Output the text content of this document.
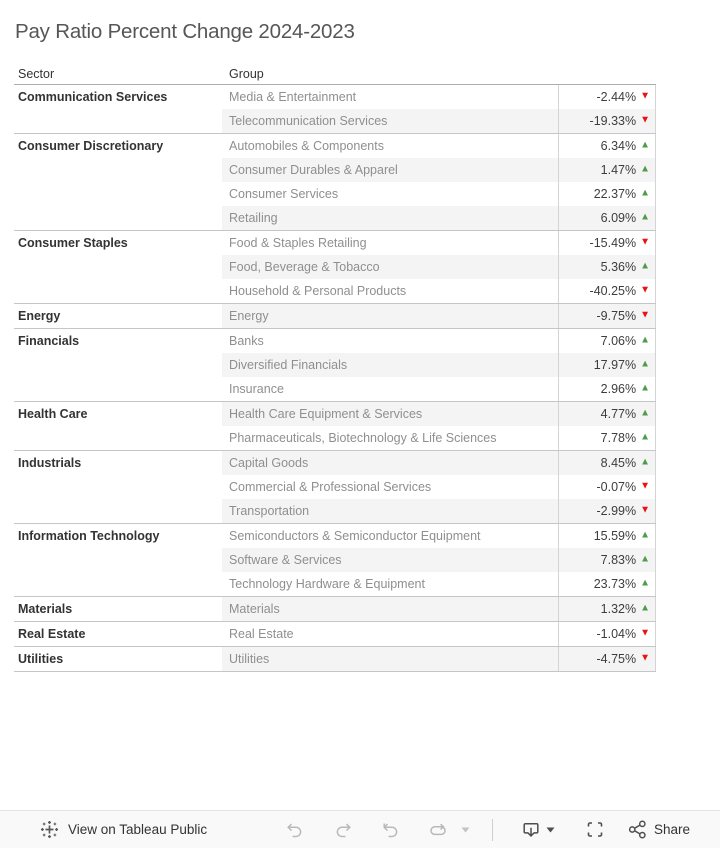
Pay Ratio Percent Change 2024-2023
Sector	Group
Communication Services	Media & Entertainment	-2.44% ▼
Telecommunication Services	-19.33% ▼
Consumer Discretionary	Automobiles & Components	6.34% ▲
Consumer Durables & Apparel	1.47% ▲
Consumer Services	22.37% ▲
Retailing	6.09% ▲
Consumer Staples	Food & Staples Retailing	-15.49% ▼
Food, Beverage & Tobacco	5.36% ▲
Household & Personal Products	-40.25% ▼
Energy	Energy	-9.75% ▼
Financials	Banks	7.06% ▲
Diversified Financials	17.97% ▲
Insurance	2.96% ▲
Health Care	Health Care Equipment & Services	4.77% ▲
Pharmaceuticals, Biotechnology & Life Sciences	7.78% ▲
Industrials	Capital Goods	8.45% ▲
Commercial & Professional Services	-0.07% ▼
Transportation	-2.99% ▼
Information Technology	Semiconductors & Semiconductor Equipment	15.59% ▲
Software & Services	7.83% ▲
Technology Hardware & Equipment	23.73% ▲
Materials	Materials	1.32% ▲
Real Estate	Real Estate	-1.04% ▼
Utilities	Utilities	-4.75% ▼
View on Tableau Public	Share
